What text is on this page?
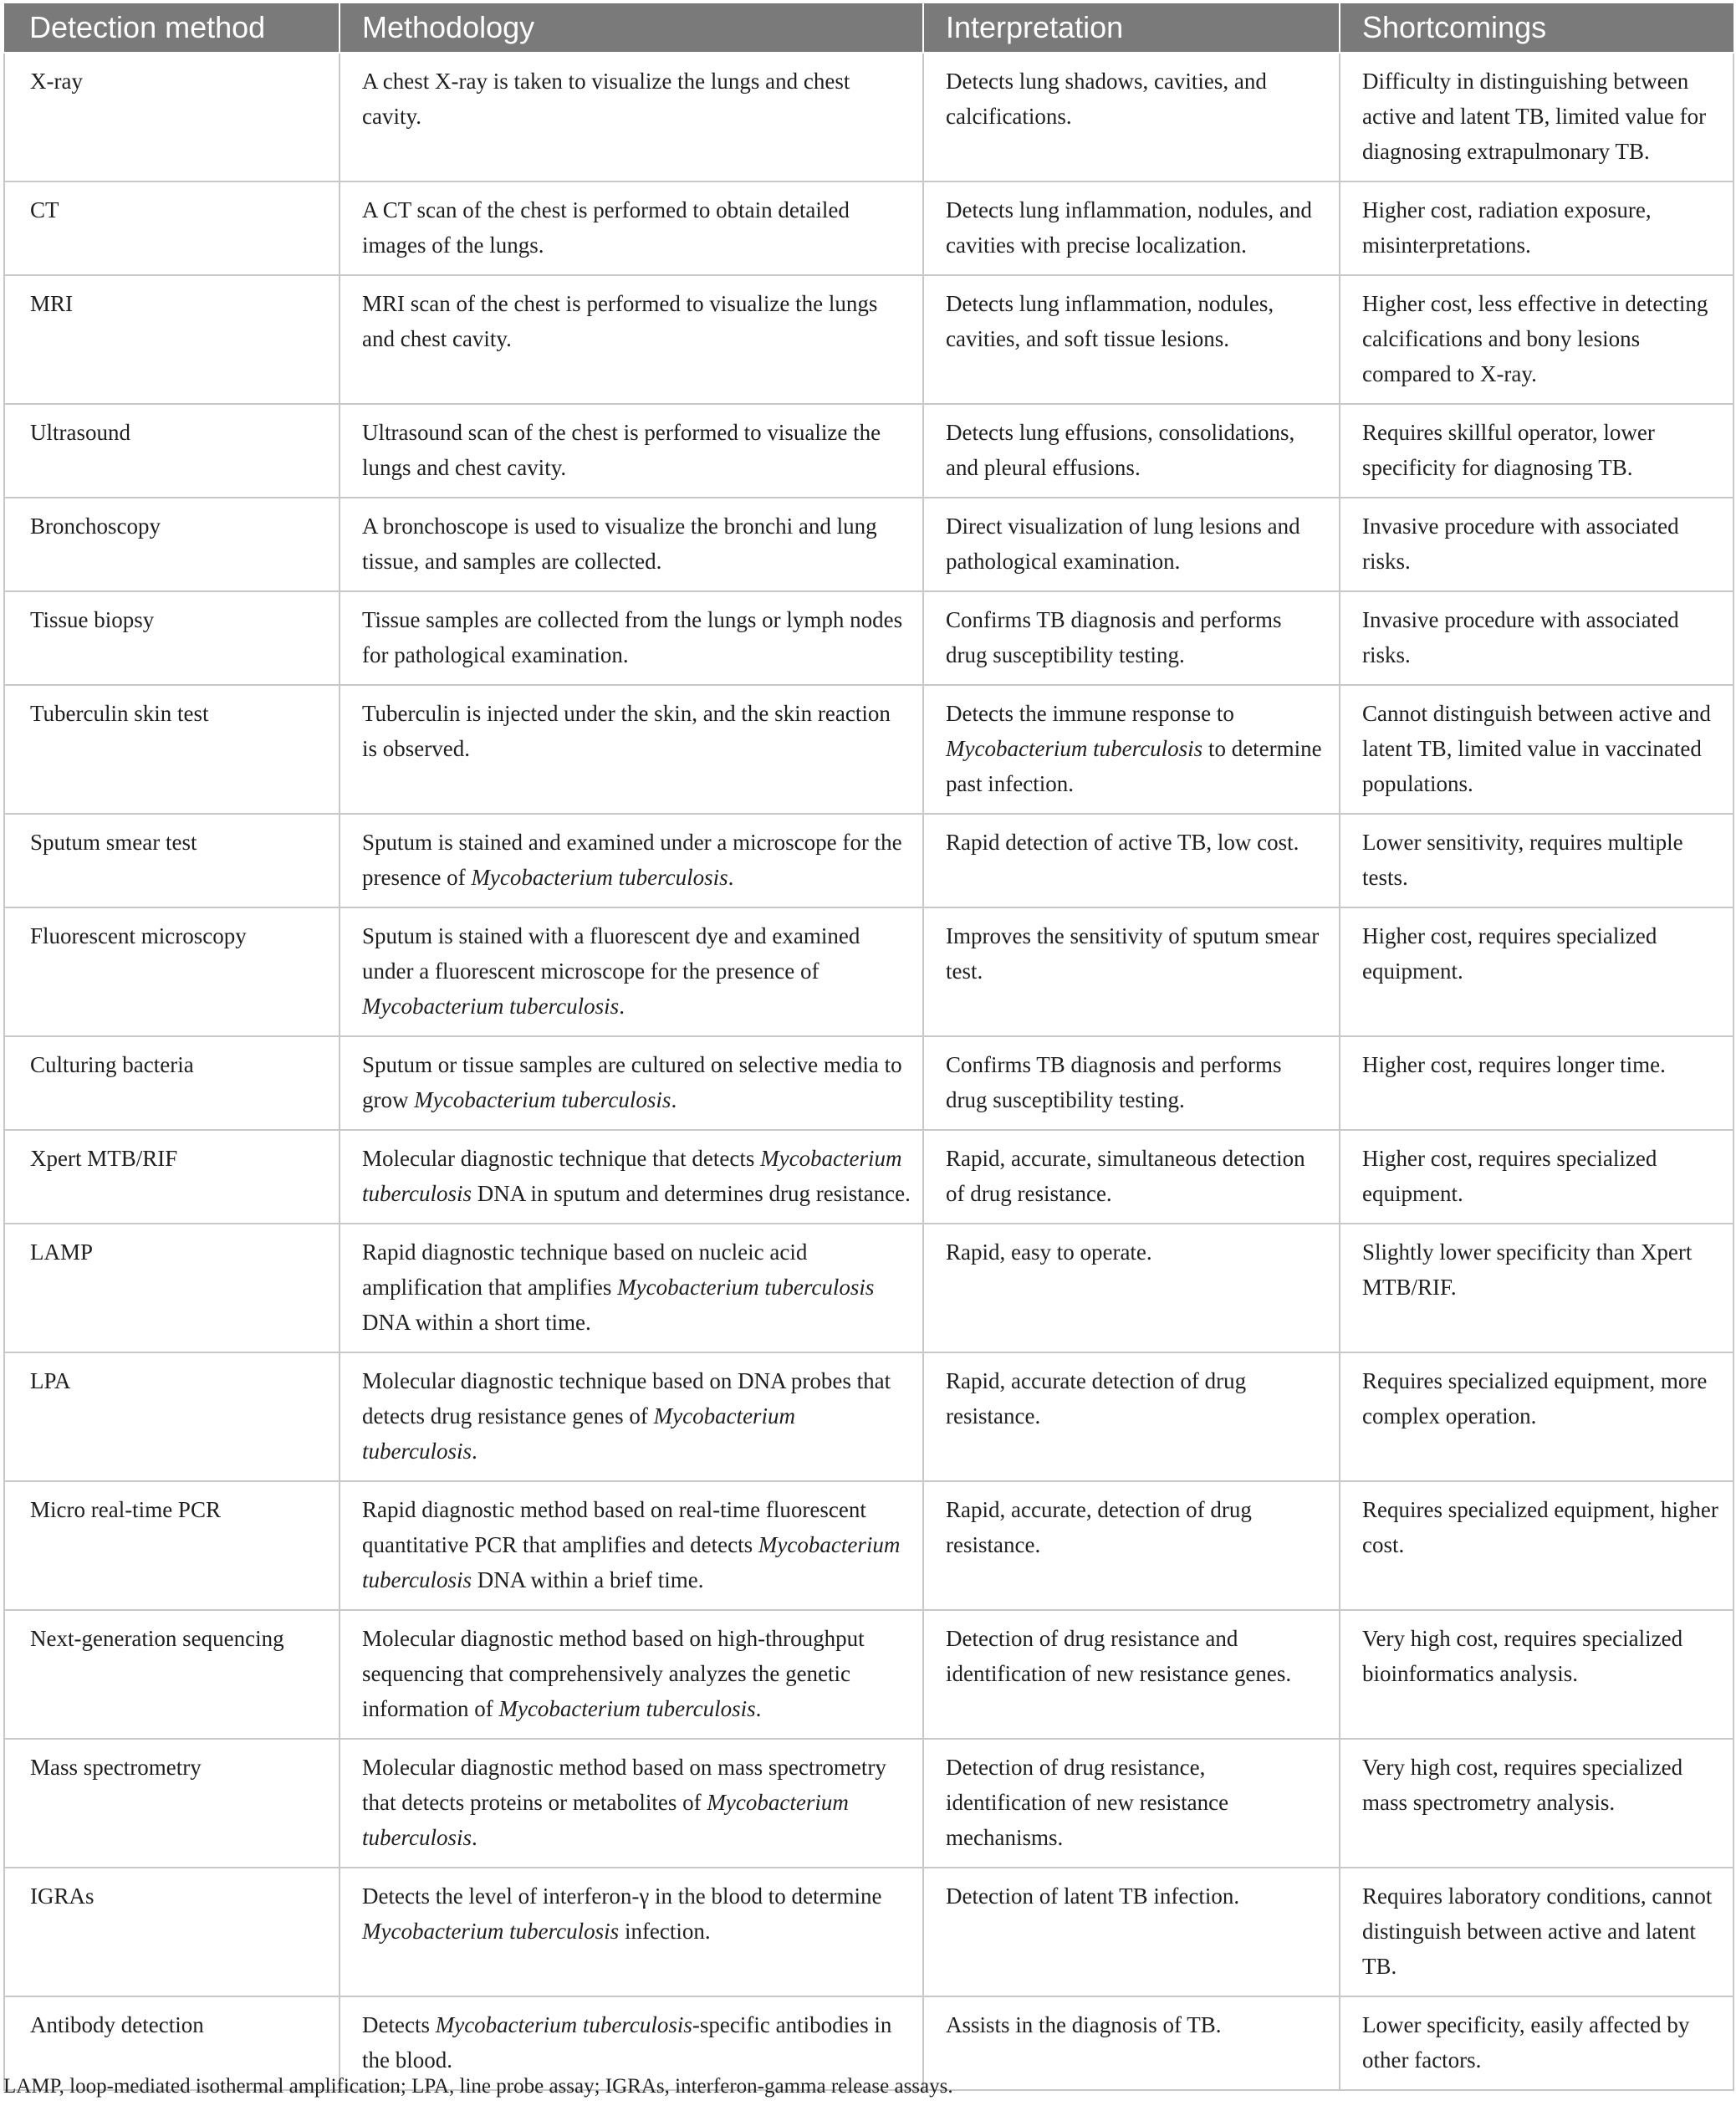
Detection method	Methodology	Interpretation	Shortcomings
X-ray	A chest X-ray is taken to visualize the lungs and chest cavity.	Detects lung shadows, cavities, and calcifications.	Difficulty in distinguishing between active and latent TB, limited value for diagnosing extrapulmonary TB.
CT	A CT scan of the chest is performed to obtain detailed images of the lungs.	Detects lung inflammation, nodules, and cavities with precise localization.	Higher cost, radiation exposure, misinterpretations.
MRI	MRI scan of the chest is performed to visualize the lungs and chest cavity.	Detects lung inflammation, nodules, cavities, and soft tissue lesions.	Higher cost, less effective in detecting calcifications and bony lesions compared to X-ray.
Ultrasound	Ultrasound scan of the chest is performed to visualize the lungs and chest cavity.	Detects lung effusions, consolidations, and pleural effusions.	Requires skillful operator, lower specificity for diagnosing TB.
Bronchoscopy	A bronchoscope is used to visualize the bronchi and lung tissue, and samples are collected.	Direct visualization of lung lesions and pathological examination.	Invasive procedure with associated risks.
Tissue biopsy	Tissue samples are collected from the lungs or lymph nodes for pathological examination.	Confirms TB diagnosis and performs drug susceptibility testing.	Invasive procedure with associated risks.
Tuberculin skin test	Tuberculin is injected under the skin, and the skin reaction is observed.	Detects the immune response to Mycobacterium tuberculosis to determine past infection.	Cannot distinguish between active and latent TB, limited value in vaccinated populations.
Sputum smear test	Sputum is stained and examined under a microscope for the presence of Mycobacterium tuberculosis.	Rapid detection of active TB, low cost.	Lower sensitivity, requires multiple tests.
Fluorescent microscopy	Sputum is stained with a fluorescent dye and examined under a fluorescent microscope for the presence of Mycobacterium tuberculosis.	Improves the sensitivity of sputum smear test.	Higher cost, requires specialized equipment.
Culturing bacteria	Sputum or tissue samples are cultured on selective media to grow Mycobacterium tuberculosis.	Confirms TB diagnosis and performs drug susceptibility testing.	Higher cost, requires longer time.
Xpert MTB/RIF	Molecular diagnostic technique that detects Mycobacterium tuberculosis DNA in sputum and determines drug resistance.	Rapid, accurate, simultaneous detection of drug resistance.	Higher cost, requires specialized equipment.
LAMP	Rapid diagnostic technique based on nucleic acid amplification that amplifies Mycobacterium tuberculosis DNA within a short time.	Rapid, easy to operate.	Slightly lower specificity than Xpert MTB/RIF.
LPA	Molecular diagnostic technique based on DNA probes that detects drug resistance genes of Mycobacterium tuberculosis.	Rapid, accurate detection of drug resistance.	Requires specialized equipment, more complex operation.
Micro real-time PCR	Rapid diagnostic method based on real-time fluorescent quantitative PCR that amplifies and detects Mycobacterium tuberculosis DNA within a brief time.	Rapid, accurate, detection of drug resistance.	Requires specialized equipment, higher cost.
Next-generation sequencing	Molecular diagnostic method based on high-throughput sequencing that comprehensively analyzes the genetic information of Mycobacterium tuberculosis.	Detection of drug resistance and identification of new resistance genes.	Very high cost, requires specialized bioinformatics analysis.
Mass spectrometry	Molecular diagnostic method based on mass spectrometry that detects proteins or metabolites of Mycobacterium tuberculosis.	Detection of drug resistance, identification of new resistance mechanisms.	Very high cost, requires specialized mass spectrometry analysis.
IGRAs	Detects the level of interferon-γ in the blood to determine Mycobacterium tuberculosis infection.	Detection of latent TB infection.	Requires laboratory conditions, cannot distinguish between active and latent TB.
Antibody detection	Detects Mycobacterium tuberculosis-specific antibodies in the blood.	Assists in the diagnosis of TB.	Lower specificity, easily affected by other factors.
LAMP, loop-mediated isothermal amplification; LPA, line probe assay; IGRAs, interferon-gamma release assays.
